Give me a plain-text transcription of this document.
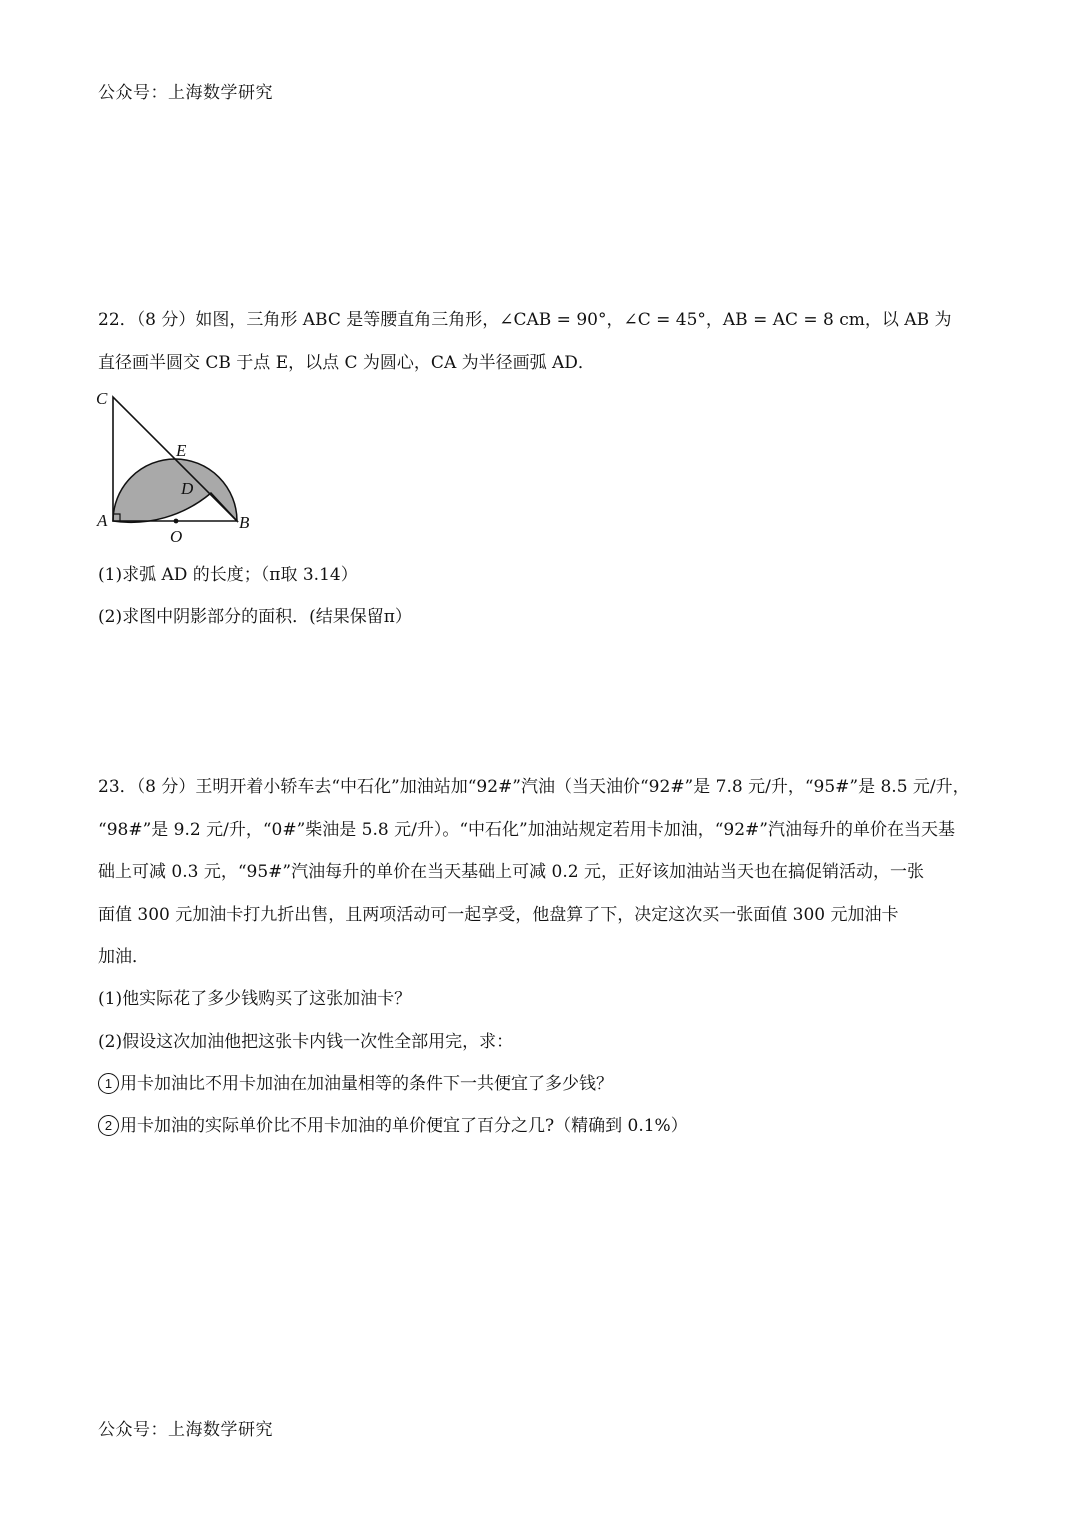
公众号：上海数学研究
22．（8 分）如图，三角形 ABC 是等腰直角三角形，∠CAB = 90°，∠C = 45°，AB = AC = 8 cm，以 AB 为
直径画半圆交 CB 于点 E，以点 C 为圆心，CA 为半径画弧 AD．
C
E
D
A	B
O
(1)求弧 AD 的长度；（π取 3.14）
(2)求图中阴影部分的面积．(结果保留π）
23．（8 分）王明开着小轿车去“中石化”加油站加“92#”汽油（当天油价“92#”是 7.8 元/升，“95#”是 8.5 元/升，
“98#”是 9.2 元/升，“0#”柴油是 5.8 元/升）。“中石化”加油站规定若用卡加油，“92#”汽油每升的单价在当天基
础上可减 0.3 元，“95#”汽油每升的单价在当天基础上可减 0.2 元，正好该加油站当天也在搞促销活动，一张
面值 300 元加油卡打九折出售，且两项活动可一起享受，他盘算了下，决定这次买一张面值 300 元加油卡
加油．
(1)他实际花了多少钱购买了这张加油卡？
(2)假设这次加油他把这张卡内钱一次性全部用完，求：
1 用卡加油比不用卡加油在加油量相等的条件下一共便宜了多少钱？
2 用卡加油的实际单价比不用卡加油的单价便宜了百分之几?（精确到 0.1%）
公众号：上海数学研究
